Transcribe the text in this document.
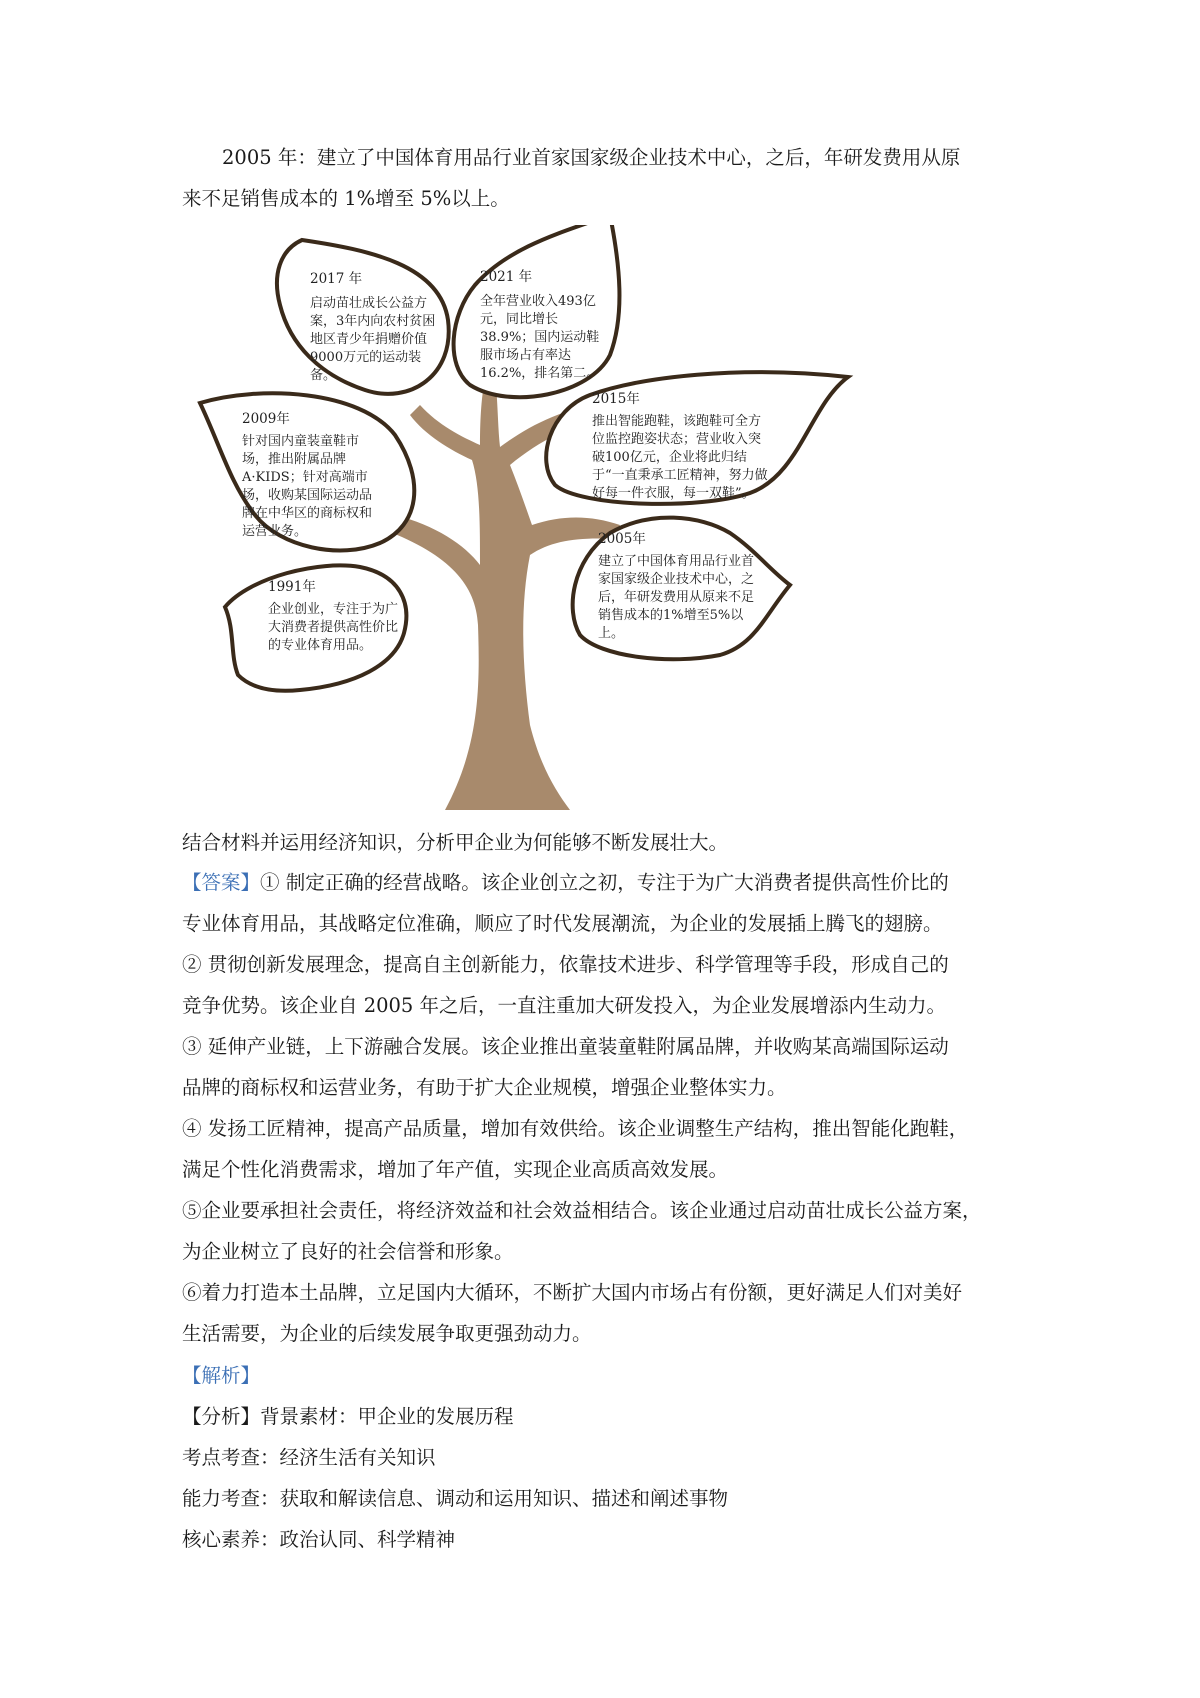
2005 年：建立了中国体育用品行业首家国家级企业技术中心，之后，年研发费用从原
来不足销售成本的 1%增至 5%以上。
2017 年
启动苗壮成长公益方案，3年内向农村贫困地区青少年捐赠价值9000万元的运动装备。
2021 年
全年营业收入493亿元，同比增长38.9%；国内运动鞋服市场占有率达16.2%，排名第二。
2009年
针对国内童装童鞋市场，推出附属品牌A·KIDS；针对高端市场，收购某国际运动品牌在中华区的商标权和运营业务。
2015年
推出智能跑鞋，该跑鞋可全方位监控跑姿状态；营业收入突破100亿元，企业将此归结于“一直秉承工匠精神，努力做好每一件衣服，每一双鞋”。
2005年
建立了中国体育用品行业首家国家级企业技术中心，之后，年研发费用从原来不足销售成本的1%增至5%以上。
1991年
企业创业，专注于为广大消费者提供高性价比的专业体育用品。
结合材料并运用经济知识，分析甲企业为何能够不断发展壮大。
【答案】① 制定正确的经营战略。该企业创立之初，专注于为广大消费者提供高性价比的
专业体育用品，其战略定位准确，顺应了时代发展潮流，为企业的发展插上腾飞的翅膀。
② 贯彻创新发展理念，提高自主创新能力，依靠技术进步、科学管理等手段，形成自己的
竞争优势。该企业自 2005 年之后，一直注重加大研发投入，为企业发展增添内生动力。
③ 延伸产业链，上下游融合发展。该企业推出童装童鞋附属品牌，并收购某高端国际运动
品牌的商标权和运营业务，有助于扩大企业规模，增强企业整体实力。
④ 发扬工匠精神，提高产品质量，增加有效供给。该企业调整生产结构，推出智能化跑鞋，
满足个性化消费需求，增加了年产值，实现企业高质高效发展。
⑤企业要承担社会责任，将经济效益和社会效益相结合。该企业通过启动苗壮成长公益方案，
为企业树立了良好的社会信誉和形象。
⑥着力打造本土品牌，立足国内大循环，不断扩大国内市场占有份额，更好满足人们对美好
生活需要，为企业的后续发展争取更强劲动力。
【解析】
【分析】背景素材：甲企业的发展历程
考点考查：经济生活有关知识
能力考查：获取和解读信息、调动和运用知识、描述和阐述事物
核心素养：政治认同、科学精神
